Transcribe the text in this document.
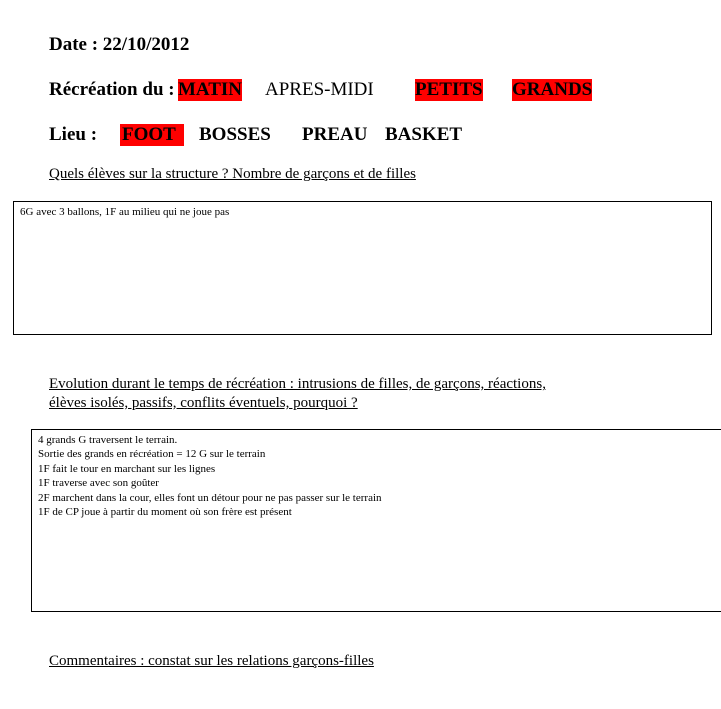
Date : 22/10/2012
Récréation du : MATIN APRES-MIDI PETITS GRANDS
Lieu : FOOT	BOSSES PREAU BASKET
Quels élèves sur la structure ? Nombre de garçons et de filles
6G avec 3 ballons, 1F au milieu qui ne joue pas
Evolution durant le temps de récréation : intrusions de filles, de garçons, réactions,
élèves isolés, passifs, conflits éventuels, pourquoi ?
4 grands G traversent le terrain.
Sortie des grands en récréation = 12 G sur le terrain
1F fait le tour en marchant sur les lignes
1F traverse avec son goûter
2F marchent dans la cour, elles font un détour pour ne pas passer sur le terrain
1F de CP joue à partir du moment où son frère est présent
Commentaires : constat sur les relations garçons-filles
